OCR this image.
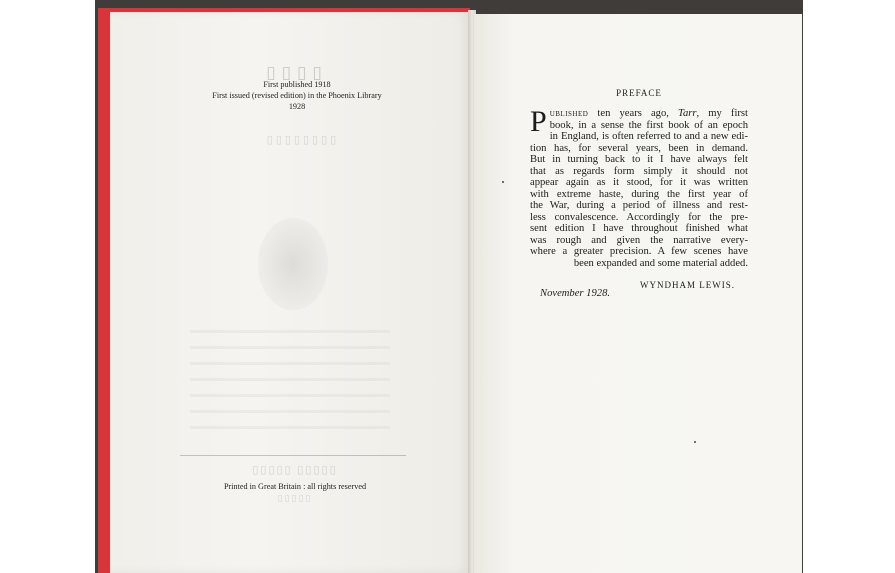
▯▯▯▯
▯▯▯▯▯▯▯▯
▯▯▯▯▯ ▯▯▯▯▯
▯▯▯▯▯
First published 1918
First issued (revised edition) in the Phoenix Library
1928
Printed in Great Britain : all rights reserved
PREFACE
P ublished ten years ago, Tarr, my first
book, in a sense the first book of an epoch
in England, is often referred to and a new edi-
tion has, for several years, been in demand.
But in turning back to it I have always felt
that as regards form simply it should not
appear again as it stood, for it was written
with extreme haste, during the first year of
the War, during a period of illness and rest-
less convalescence. Accordingly for the pre-
sent edition I have throughout finished what
was rough and given the narrative every-
where a greater precision. A few scenes have
been expanded and some material added.
WYNDHAM LEWIS.
November 1928.
